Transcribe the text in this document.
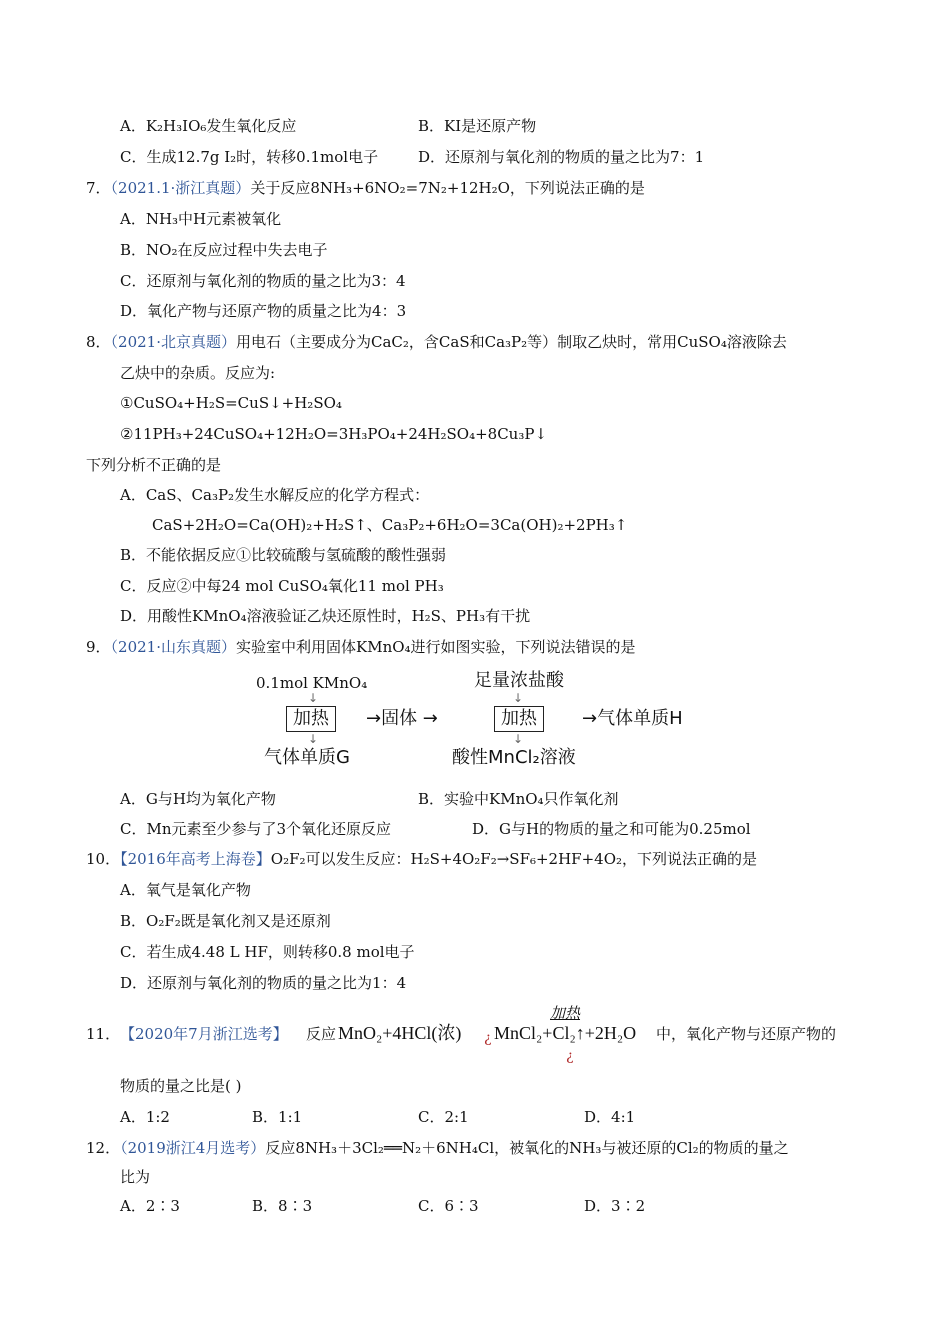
A．K₂H₃IO₆发生氧化反应	B．KI是还原产物
C．生成12.7g I₂时，转移0.1mol电子	D．还原剂与氧化剂的物质的量之比为7：1
7．（2021.1·浙江真题）关于反应8NH₃+6NO₂=7N₂+12H₂O，下列说法正确的是
A．NH₃中H元素被氧化
B．NO₂在反应过程中失去电子
C．还原剂与氧化剂的物质的量之比为3：4
D．氧化产物与还原产物的质量之比为4：3
8．（2021·北京真题）用电石（主要成分为CaC₂，含CaS和Ca₃P₂等）制取乙炔时，常用CuSO₄溶液除去
乙炔中的杂质。反应为:
①CuSO₄+H₂S=CuS↓+H₂SO₄
②11PH₃+24CuSO₄+12H₂O=3H₃PO₄+24H₂SO₄+8Cu₃P↓
下列分析不正确的是
A．CaS、Ca₃P₂发生水解反应的化学方程式：
CaS+2H₂O=Ca(OH)₂+H₂S↑、Ca₃P₂+6H₂O=3Ca(OH)₂+2PH₃↑
B．不能依据反应①比较硫酸与氢硫酸的酸性强弱
C．反应②中每24 mol CuSO₄氧化11 mol PH₃
D．用酸性KMnO₄溶液验证乙炔还原性时，H₂S、PH₃有干扰
9．（2021·山东真题）实验室中利用固体KMnO₄进行如图实验，下列说法错误的是
0.1mol KMnO₄
↓
加热
↓
气体单质G
→固体 →
足量浓盐酸
↓
加热
↓
酸性MnCl₂溶液
→气体单质H
A．G与H均为氧化产物	B．实验中KMnO₄只作氧化剂
C．Mn元素至少参与了3个氧化还原反应	D．G与H的物质的量之和可能为0.25mol
10．【2016年高考上海卷】O₂F₂可以发生反应：H₂S+4O₂F₂→SF₆+2HF+4O₂，下列说法正确的是
A．氧气是氧化产物
B．O₂F₂既是氧化剂又是还原剂
C．若生成4.48 L HF，则转移0.8 mol电子
D．还原剂与氧化剂的物质的量之比为1：4
11． 【2020年7月浙江选考】 反应 MnO₂+4HCl(浓)
加热
¿
¿
MnCl₂+Cl₂↑+2H₂O 中，氧化产物与还原产物的
物质的量之比是( )
A．1:2	B．1:1	C．2:1	D．4:1
12．（2019浙江4月选考）反应8NH₃＋3Cl₂══N₂＋6NH₄Cl，被氧化的NH₃与被还原的Cl₂的物质的量之
比为
A．2∶3	B．8∶3	C．6∶3	D．3∶2
